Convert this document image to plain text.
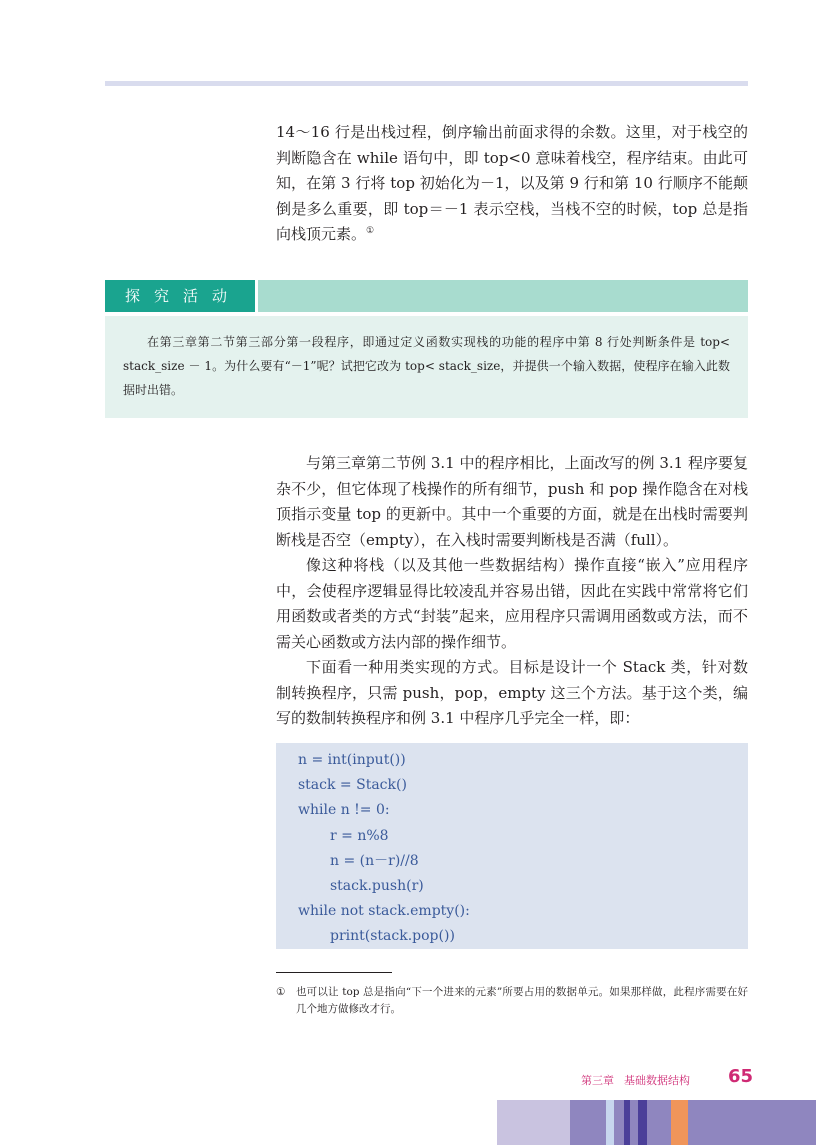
14～16 行是出栈过程，倒序输出前面求得的余数。这里，对于栈空的判断隐含在 while 语句中，即 top<0 意味着栈空，程序结束。由此可知，在第 3 行将 top 初始化为－1，以及第 9 行和第 10 行顺序不能颠倒是多么重要，即 top＝－1 表示空栈，当栈不空的时候，top 总是指向栈顶元素。①

探究活动

在第三章第二节第三部分第一段程序，即通过定义函数实现栈的功能的程序中第 8 行处判断条件是 top< stack_size － 1。为什么要有“－1”呢？试把它改为 top< stack_size，并提供一个输入数据，使程序在输入此数据时出错。

与第三章第二节例 3.1 中的程序相比，上面改写的例 3.1 程序要复杂不少，但它体现了栈操作的所有细节，push 和 pop 操作隐含在对栈顶指示变量 top 的更新中。其中一个重要的方面，就是在出栈时需要判断栈是否空（empty），在入栈时需要判断栈是否满（full）。

像这种将栈（以及其他一些数据结构）操作直接“嵌入”应用程序中，会使程序逻辑显得比较凌乱并容易出错，因此在实践中常常将它们用函数或者类的方式“封装”起来，应用程序只需调用函数或方法，而不需关心函数或方法内部的操作细节。

下面看一种用类实现的方式。目标是设计一个 Stack 类，针对数制转换程序，只需 push，pop，empty 这三个方法。基于这个类，编写的数制转换程序和例 3.1 中程序几乎完全一样，即：

n = int(input())
stack = Stack()
while n != 0:
r = n%8
n = (n－r)//8
stack.push(r)
while not stack.empty():
print(stack.pop())
①	也可以让 top 总是指向“下一个进来的元素”所要占用的数据单元。如果那样做，此程序需要在好几个地方做修改才行。
第三章 基础数据结构	65
